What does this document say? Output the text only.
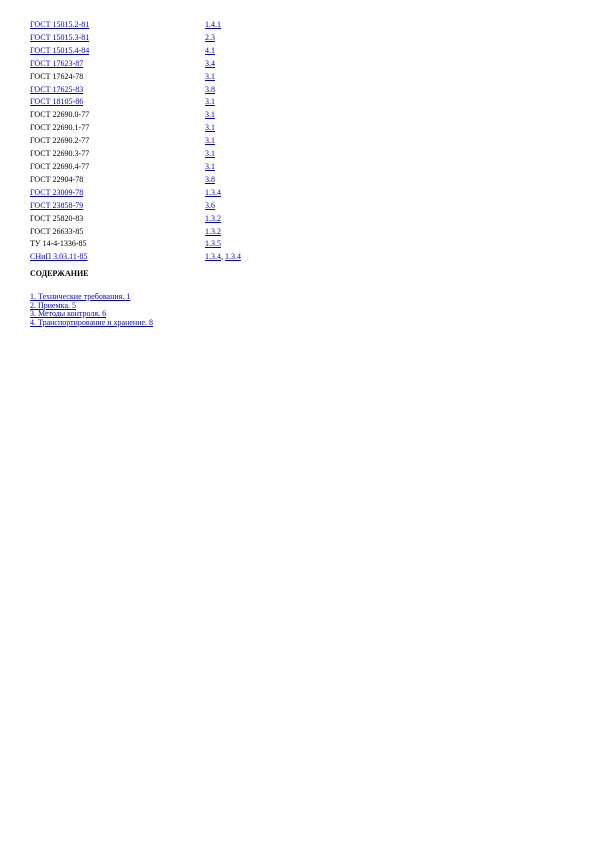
ГОСТ 15015.2-81	1.4.1
ГОСТ 15015.3-81	2.3
ГОСТ 15015.4-84	4.1
ГОСТ 17623-87	3.4
ГОСТ 17624-78	3.1
ГОСТ 17625-83	3.8
ГОСТ 18105-86	3.1
ГОСТ 22690.0-77	3.1
ГОСТ 22690.1-77	3.1
ГОСТ 22690.2-77	3.1
ГОСТ 22690.3-77	3.1
ГОСТ 22690.4-77	3.1
ГОСТ 22904-78	3.8
ГОСТ 23009-78	1.3.4
ГОСТ 23858-79	3.6
ГОСТ 25820-83	1.3.2
ГОСТ 26633-85	1.3.2
ТУ 14-4-1336-85	1.3.5
СНиП 3.03.11-85	1.3.4, 1.3.4
СОДЕРЖАНИЕ
1. Технические требования. 1
2. Приемка. 5
3. Методы контроля. 6
4. Транспортирование и хранение. 8
